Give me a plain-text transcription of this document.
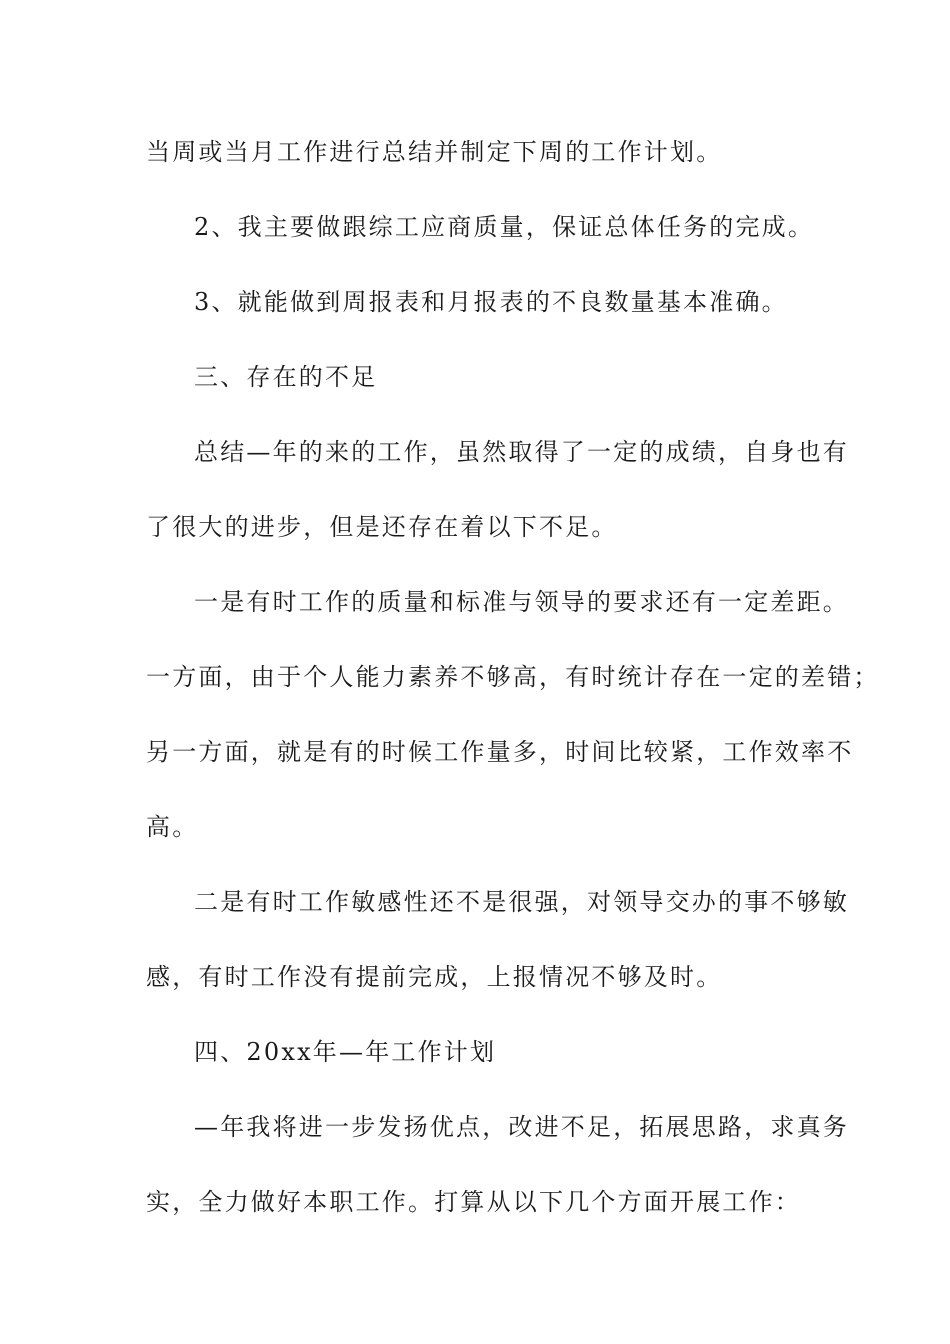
当周或当月工作进行总结并制定下周的工作计划。
2、我主要做跟综工应商质量，保证总体任务的完成。
3、就能做到周报表和月报表的不良数量基本准确。
三、存在的不足
总结—年的来的工作，虽然取得了一定的成绩，自身也有
了很大的进步，但是还存在着以下不足。
一是有时工作的质量和标准与领导的要求还有一定差距。
一方面，由于个人能力素养不够高，有时统计存在一定的差错；
另一方面，就是有的时候工作量多，时间比较紧，工作效率不
高。
二是有时工作敏感性还不是很强，对领导交办的事不够敏
感，有时工作没有提前完成，上报情况不够及时。
四、20xx年—年工作计划
—年我将进一步发扬优点，改进不足，拓展思路，求真务
实，全力做好本职工作。打算从以下几个方面开展工作：
